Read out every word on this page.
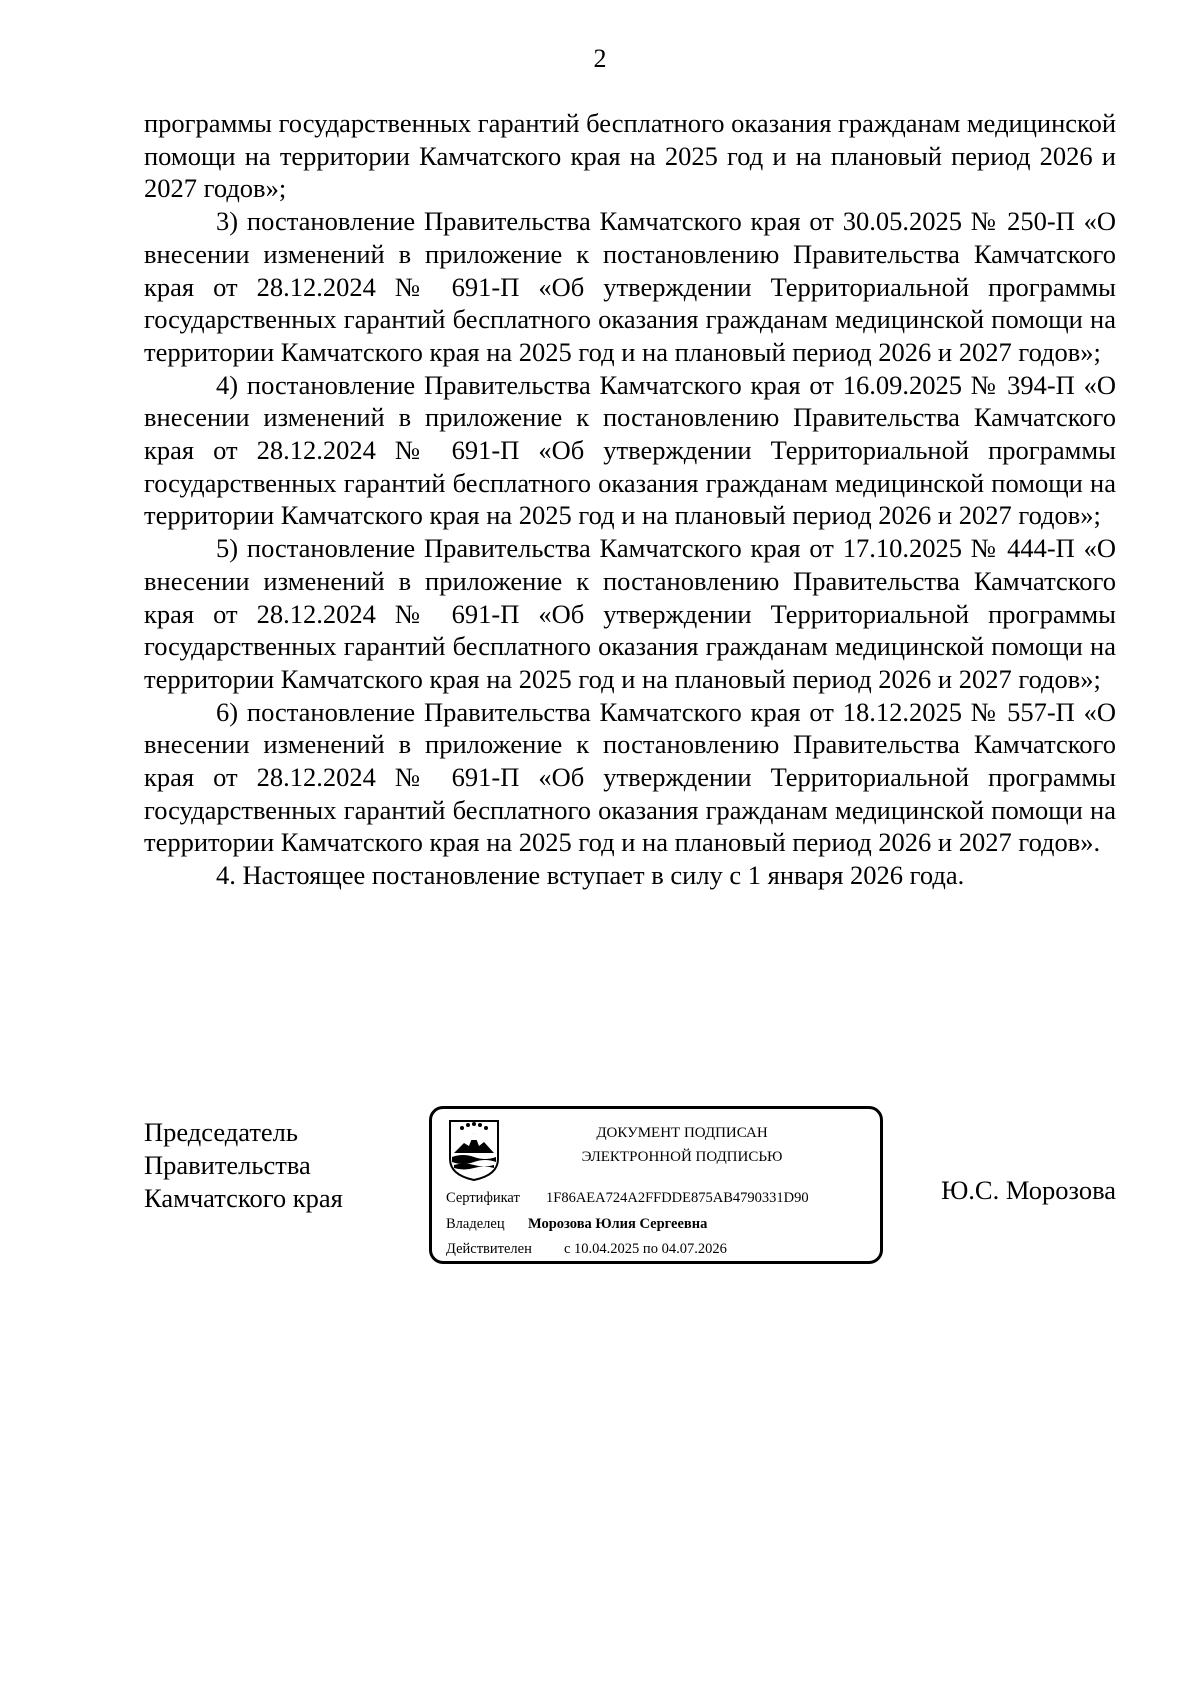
2

программы государственных гарантий бесплатного оказания гражданам медицинской помощи на территории Камчатского края на 2025 год и на плановый период 2026 и 2027 годов»;

3) постановление Правительства Камчатского края от 30.05.2025 № 250-П «О внесении изменений в приложение к постановлению Правительства Камчатского края от 28.12.2024 № 691-П «Об утверждении Территориальной программы государственных гарантий бесплатного оказания гражданам медицинской помощи на территории Камчатского края на 2025 год и на плановый период 2026 и 2027 годов»;

4) постановление Правительства Камчатского края от 16.09.2025 № 394-П «О внесении изменений в приложение к постановлению Правительства Камчатского края от 28.12.2024 № 691-П «Об утверждении Территориальной программы государственных гарантий бесплатного оказания гражданам медицинской помощи на территории Камчатского края на 2025 год и на плановый период 2026 и 2027 годов»;

5) постановление Правительства Камчатского края от 17.10.2025 № 444-П «О внесении изменений в приложение к постановлению Правительства Камчатского края от 28.12.2024 № 691-П «Об утверждении Территориальной программы государственных гарантий бесплатного оказания гражданам медицинской помощи на территории Камчатского края на 2025 год и на плановый период 2026 и 2027 годов»;

6) постановление Правительства Камчатского края от 18.12.2025 № 557-П «О внесении изменений в приложение к постановлению Правительства Камчатского края от 28.12.2024 № 691-П «Об утверждении Территориальной программы государственных гарантий бесплатного оказания гражданам медицинской помощи на территории Камчатского края на 2025 год и на плановый период 2026 и 2027 годов».

4. Настоящее постановление вступает в силу с 1 января 2026 года.

Председатель
Правительства
Камчатского края
ДОКУМЕНТ ПОДПИСАН
ЭЛЕКТРОННОЙ ПОДПИСЬЮ
Сертификат 1F86AEA724A2FFDDE875AB4790331D90
Владелец Морозова Юлия Сергеевна
Действителен с 10.04.2025 по 04.07.2026
Ю.С. Морозова
